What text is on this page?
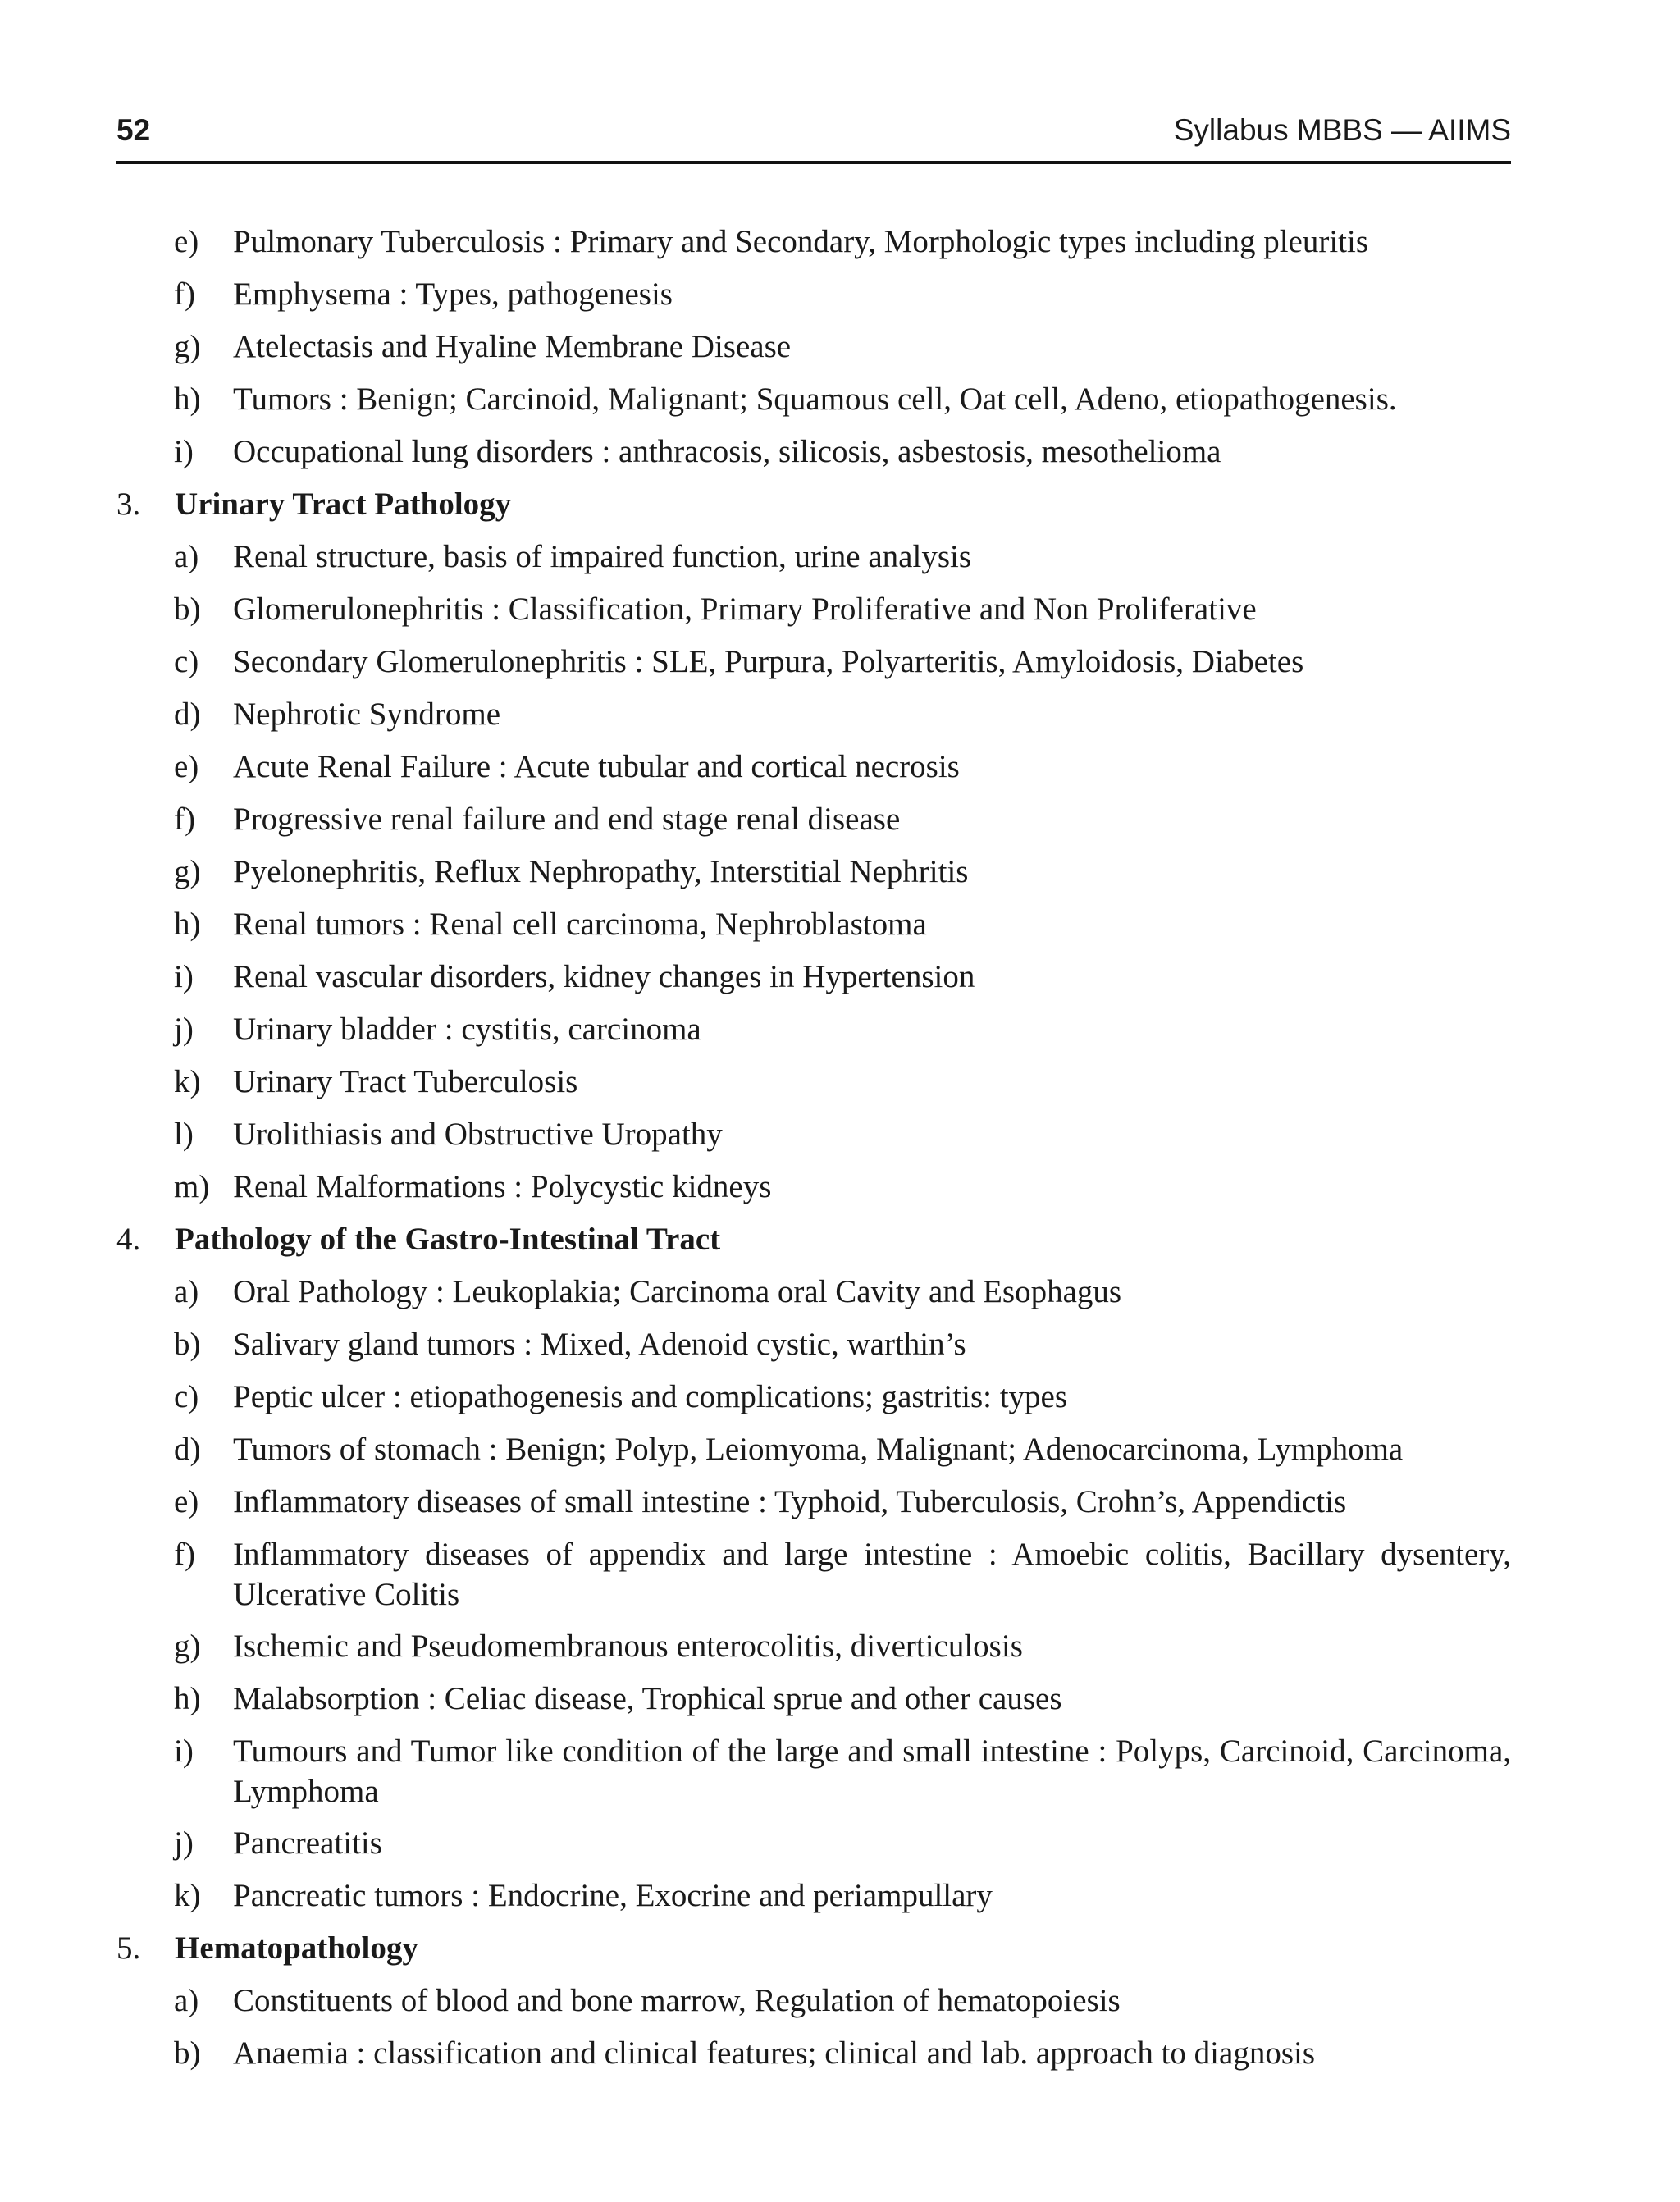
52	Syllabus MBBS — AIIMS
e) Pulmonary Tuberculosis : Primary and Secondary, Morphologic types including pleuritis
f) Emphysema : Types, pathogenesis
g) Atelectasis and Hyaline Membrane Disease
h) Tumors : Benign; Carcinoid, Malignant; Squamous cell, Oat cell, Adeno, etiopathogenesis.
i) Occupational lung disorders : anthracosis, silicosis, asbestosis, mesothelioma
3. Urinary Tract Pathology
a) Renal structure, basis of impaired function, urine analysis
b) Glomerulonephritis : Classification, Primary Proliferative and Non Proliferative
c) Secondary Glomerulonephritis : SLE, Purpura, Polyarteritis, Amyloidosis, Diabetes
d) Nephrotic Syndrome
e) Acute Renal Failure : Acute tubular and cortical necrosis
f) Progressive renal failure and end stage renal disease
g) Pyelonephritis, Reflux Nephropathy, Interstitial Nephritis
h) Renal tumors : Renal cell carcinoma, Nephroblastoma
i) Renal vascular disorders, kidney changes in Hypertension
j) Urinary bladder : cystitis, carcinoma
k) Urinary Tract Tuberculosis
l) Urolithiasis and Obstructive Uropathy
m) Renal Malformations : Polycystic kidneys
4. Pathology of the Gastro-Intestinal Tract
a) Oral Pathology : Leukoplakia; Carcinoma oral Cavity and Esophagus
b) Salivary gland tumors : Mixed, Adenoid cystic, warthin’s
c) Peptic ulcer : etiopathogenesis and complications; gastritis: types
d) Tumors of stomach : Benign; Polyp, Leiomyoma, Malignant; Adenocarcinoma, Lymphoma
e) Inflammatory diseases of small intestine : Typhoid, Tuberculosis, Crohn’s, Appendictis
f) Inflammatory diseases of appendix and large intestine : Amoebic colitis, Bacillary dysentery, Ulcerative Colitis
g) Ischemic and Pseudomembranous enterocolitis, diverticulosis
h) Malabsorption : Celiac disease, Trophical sprue and other causes
i) Tumours and Tumor like condition of the large and small intestine : Polyps, Carcinoid, Carcinoma, Lymphoma
j) Pancreatitis
k) Pancreatic tumors : Endocrine, Exocrine and periampullary
5. Hematopathology
a) Constituents of blood and bone marrow, Regulation of hematopoiesis
b) Anaemia : classification and clinical features; clinical and lab. approach to diagnosis
